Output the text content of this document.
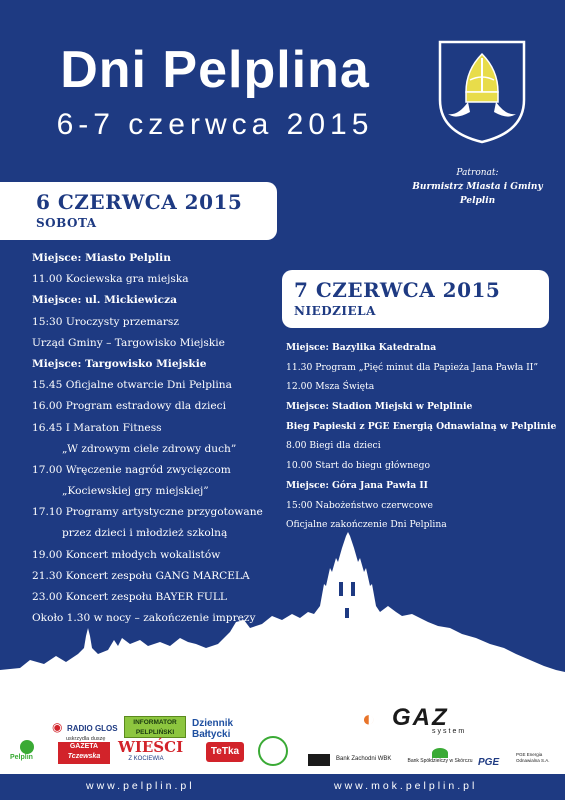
Dni Pelplina
6-7 czerwca 2015
Patronat:
Burmistrz Miasta i Gminy
Pelplin
6 CZERWCA 2015
SOBOTA
7 CZERWCA 2015
NIEDZIELA
Miejsce: Miasto Pelplin
11.00 Kociewska gra miejska
Miejsce: ul. Mickiewicza
15:30 Uroczysty przemarsz
Urząd Gminy – Targowisko Miejskie
Miejsce: Targowisko Miejskie
15.45 Oficjalne otwarcie Dni Pelplina
16.00 Program estradowy dla dzieci
16.45 I Maraton Fitness
„W zdrowym ciele zdrowy duch”
17.00 Wręczenie nagród zwycięzcom
„Kociewskiej gry miejskiej”
17.10 Programy artystyczne przygotowane
przez dzieci i młodzież szkolną
19.00 Koncert młodych wokalistów
21.30 Koncert zespołu GANG MARCELA
23.00 Koncert zespołu BAYER FULL
Około 1.30 w nocy – zakończenie imprezy
Miejsce: Bazylika Katedralna
11.30 Program „Pięć minut dla Papieża Jana Pawła II”
12.00 Msza Święta
Miejsce: Stadion Miejski w Pelplinie
Bieg Papieski z PGE Energią Odnawialną w Pelplinie
8.00 Biegi dla dzieci
10.00 Start do biegu głównego
Miejsce: Góra Jana Pawła II
15:00 Nabożeństwo czerwcowe
Oficjalne zakończenie Dni Pelplina
PATRONAT MEDIALNY	SPONSORZY
◉ RADIO GLOS
uskrzydla duszę
INFORMATOR PELPLIŃSKI
Dziennik Bałtycki
Pelplin
GAZETA
Tczewska
WIEŚCI
Z KOCIEWIA
TeTka
◐ GAZ
system
Bank Zachodni WBK	Bank Spółdzielczy w Skórczu PGE
PGE Energia Odnawialna S.A.
www.pelplin.pl	www.mok.pelplin.pl
